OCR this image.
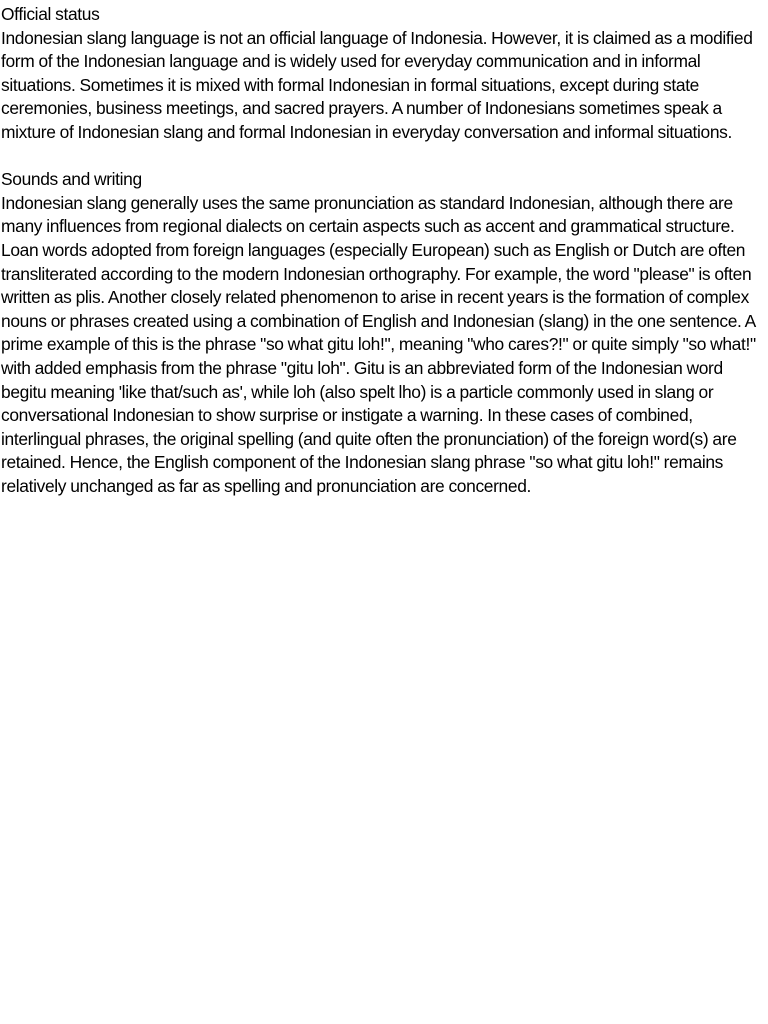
Official status

Indonesian slang language is not an official language of Indonesia. However, it is claimed as a modified form of the Indonesian language and is widely used for everyday communication and in informal situations. Sometimes it is mixed with formal Indonesian in formal situations, except during state ceremonies, business meetings, and sacred prayers. A number of Indonesians sometimes speak a mixture of Indonesian slang and formal Indonesian in everyday conversation and informal situations.

Sounds and writing

Indonesian slang generally uses the same pronunciation as standard Indonesian, although there are many influences from regional dialects on certain aspects such as accent and grammatical structure. Loan words adopted from foreign languages (especially European) such as English or Dutch are often transliterated according to the modern Indonesian orthography. For example, the word "please" is often written as plis. Another closely related phenomenon to arise in recent years is the formation of complex nouns or phrases created using a combination of English and Indonesian (slang) in the one sentence. A prime example of this is the phrase "so what gitu loh!", meaning "who cares?!" or quite simply "so what!" with added emphasis from the phrase "gitu loh". Gitu is an abbreviated form of the Indonesian word begitu meaning 'like that/such as', while loh (also spelt lho) is a particle commonly used in slang or conversational Indonesian to show surprise or instigate a warning. In these cases of combined, interlingual phrases, the original spelling (and quite often the pronunciation) of the foreign word(s) are retained. Hence, the English component of the Indonesian slang phrase "so what gitu loh!" remains relatively unchanged as far as spelling and pronunciation are concerned.
